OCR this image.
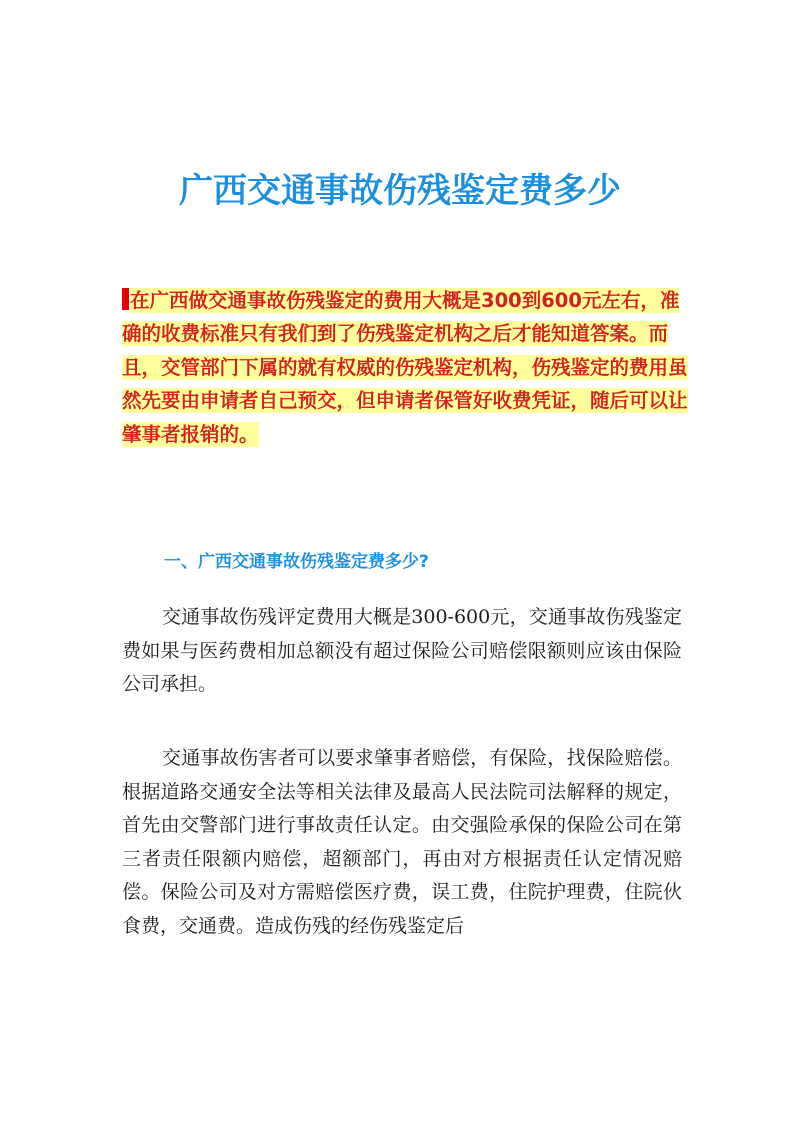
广西交通事故伤残鉴定费多少

在广西做交通事故伤残鉴定的费用大概是300到600元左右，准确的收费标准只有我们到了伤残鉴定机构之后才能知道答案。而且，交管部门下属的就有权威的伤残鉴定机构，伤残鉴定的费用虽然先要由申请者自己预交，但申请者保管好收费凭证，随后可以让肇事者报销的。

一、广西交通事故伤残鉴定费多少?

交通事故伤残评定费用大概是300-600元，交通事故伤残鉴定费如果与医药费相加总额没有超过保险公司赔偿限额则应该由保险公司承担。

交通事故伤害者可以要求肇事者赔偿，有保险，找保险赔偿。根据道路交通安全法等相关法律及最高人民法院司法解释的规定，首先由交警部门进行事故责任认定。由交强险承保的保险公司在第三者责任限额内赔偿，超额部门，再由对方根据责任认定情况赔偿。保险公司及对方需赔偿医疗费，误工费，住院护理费，住院伙食费，交通费。造成伤残的经伤残鉴定后
